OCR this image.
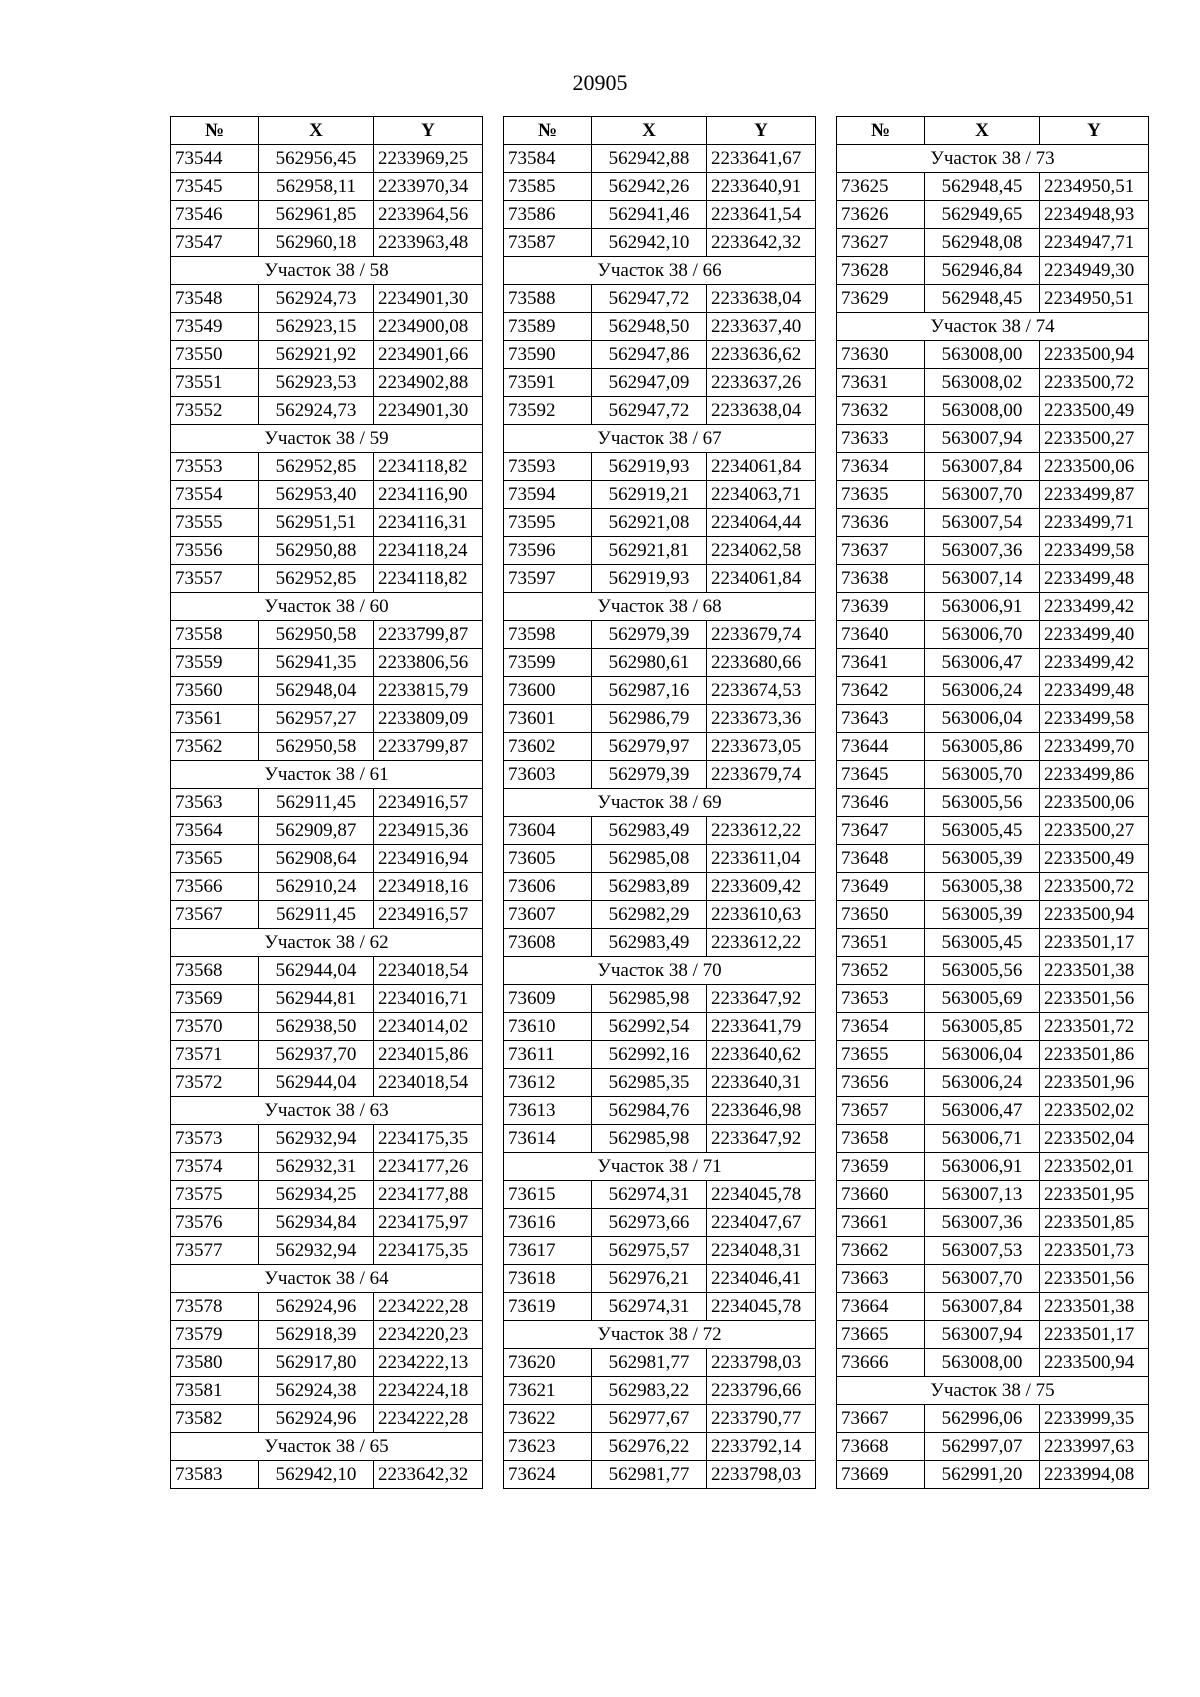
20905
№	X	Y
73544	562956,45	2233969,25
73545	562958,11	2233970,34
73546	562961,85	2233964,56
73547	562960,18	2233963,48
Участок 38 / 58		
73548	562924,73	2234901,30
73549	562923,15	2234900,08
73550	562921,92	2234901,66
73551	562923,53	2234902,88
73552	562924,73	2234901,30
Участок 38 / 59		
73553	562952,85	2234118,82
73554	562953,40	2234116,90
73555	562951,51	2234116,31
73556	562950,88	2234118,24
73557	562952,85	2234118,82
Участок 38 / 60		
73558	562950,58	2233799,87
73559	562941,35	2233806,56
73560	562948,04	2233815,79
73561	562957,27	2233809,09
73562	562950,58	2233799,87
Участок 38 / 61		
73563	562911,45	2234916,57
73564	562909,87	2234915,36
73565	562908,64	2234916,94
73566	562910,24	2234918,16
73567	562911,45	2234916,57
Участок 38 / 62		
73568	562944,04	2234018,54
73569	562944,81	2234016,71
73570	562938,50	2234014,02
73571	562937,70	2234015,86
73572	562944,04	2234018,54
Участок 38 / 63		
73573	562932,94	2234175,35
73574	562932,31	2234177,26
73575	562934,25	2234177,88
73576	562934,84	2234175,97
73577	562932,94	2234175,35
Участок 38 / 64		
73578	562924,96	2234222,28
73579	562918,39	2234220,23
73580	562917,80	2234222,13
73581	562924,38	2234224,18
73582	562924,96	2234222,28
Участок 38 / 65		
73583	562942,10	2233642,32
№	X	Y
73584	562942,88	2233641,67
73585	562942,26	2233640,91
73586	562941,46	2233641,54
73587	562942,10	2233642,32
Участок 38 / 66		
73588	562947,72	2233638,04
73589	562948,50	2233637,40
73590	562947,86	2233636,62
73591	562947,09	2233637,26
73592	562947,72	2233638,04
Участок 38 / 67		
73593	562919,93	2234061,84
73594	562919,21	2234063,71
73595	562921,08	2234064,44
73596	562921,81	2234062,58
73597	562919,93	2234061,84
Участок 38 / 68		
73598	562979,39	2233679,74
73599	562980,61	2233680,66
73600	562987,16	2233674,53
73601	562986,79	2233673,36
73602	562979,97	2233673,05
73603	562979,39	2233679,74
Участок 38 / 69		
73604	562983,49	2233612,22
73605	562985,08	2233611,04
73606	562983,89	2233609,42
73607	562982,29	2233610,63
73608	562983,49	2233612,22
Участок 38 / 70		
73609	562985,98	2233647,92
73610	562992,54	2233641,79
73611	562992,16	2233640,62
73612	562985,35	2233640,31
73613	562984,76	2233646,98
73614	562985,98	2233647,92
Участок 38 / 71		
73615	562974,31	2234045,78
73616	562973,66	2234047,67
73617	562975,57	2234048,31
73618	562976,21	2234046,41
73619	562974,31	2234045,78
Участок 38 / 72		
73620	562981,77	2233798,03
73621	562983,22	2233796,66
73622	562977,67	2233790,77
73623	562976,22	2233792,14
73624	562981,77	2233798,03
№	X	Y
Участок 38 / 73		
73625	562948,45	2234950,51
73626	562949,65	2234948,93
73627	562948,08	2234947,71
73628	562946,84	2234949,30
73629	562948,45	2234950,51
Участок 38 / 74		
73630	563008,00	2233500,94
73631	563008,02	2233500,72
73632	563008,00	2233500,49
73633	563007,94	2233500,27
73634	563007,84	2233500,06
73635	563007,70	2233499,87
73636	563007,54	2233499,71
73637	563007,36	2233499,58
73638	563007,14	2233499,48
73639	563006,91	2233499,42
73640	563006,70	2233499,40
73641	563006,47	2233499,42
73642	563006,24	2233499,48
73643	563006,04	2233499,58
73644	563005,86	2233499,70
73645	563005,70	2233499,86
73646	563005,56	2233500,06
73647	563005,45	2233500,27
73648	563005,39	2233500,49
73649	563005,38	2233500,72
73650	563005,39	2233500,94
73651	563005,45	2233501,17
73652	563005,56	2233501,38
73653	563005,69	2233501,56
73654	563005,85	2233501,72
73655	563006,04	2233501,86
73656	563006,24	2233501,96
73657	563006,47	2233502,02
73658	563006,71	2233502,04
73659	563006,91	2233502,01
73660	563007,13	2233501,95
73661	563007,36	2233501,85
73662	563007,53	2233501,73
73663	563007,70	2233501,56
73664	563007,84	2233501,38
73665	563007,94	2233501,17
73666	563008,00	2233500,94
Участок 38 / 75		
73667	562996,06	2233999,35
73668	562997,07	2233997,63
73669	562991,20	2233994,08
